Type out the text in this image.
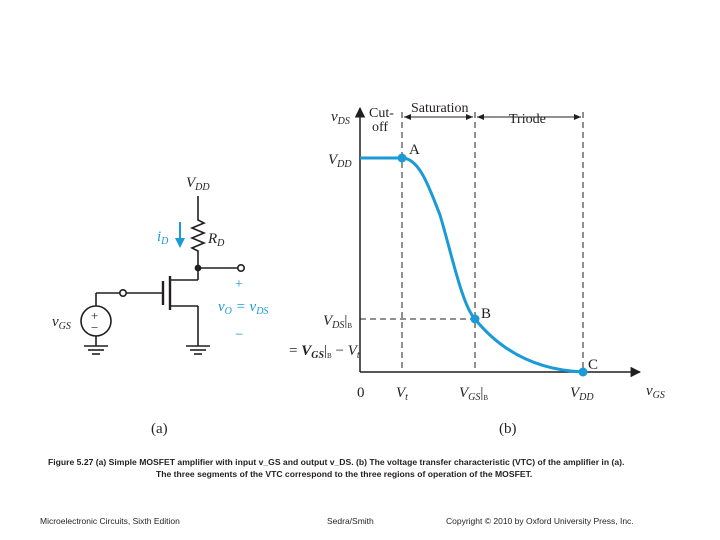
$V_{DD}$
+
−
$i_D$	$R_D$
+
$v_O = v_{DS}$
−
$v_{GS}$
(a)
$v_{DS}$
Cut-off
Saturation
Triode
$V_{DD}$
$V_{DS}|_B$
= $V_{GS}|_B - V_t$
0 $V_t$	$V_{GS}|_B$	$V_{DD}$	$v_{GS}$
A
B
C
(b)
Figure 5.27 (a) Simple MOSFET amplifier with input v_GS and output v_DS. (b) The voltage transfer characteristic (VTC) of the amplifier in (a).
The three segments of the VTC correspond to the three regions of operation of the MOSFET.
Microelectronic Circuits, Sixth Edition	Sedra/Smith	Copyright © 2010 by Oxford University Press, Inc.
